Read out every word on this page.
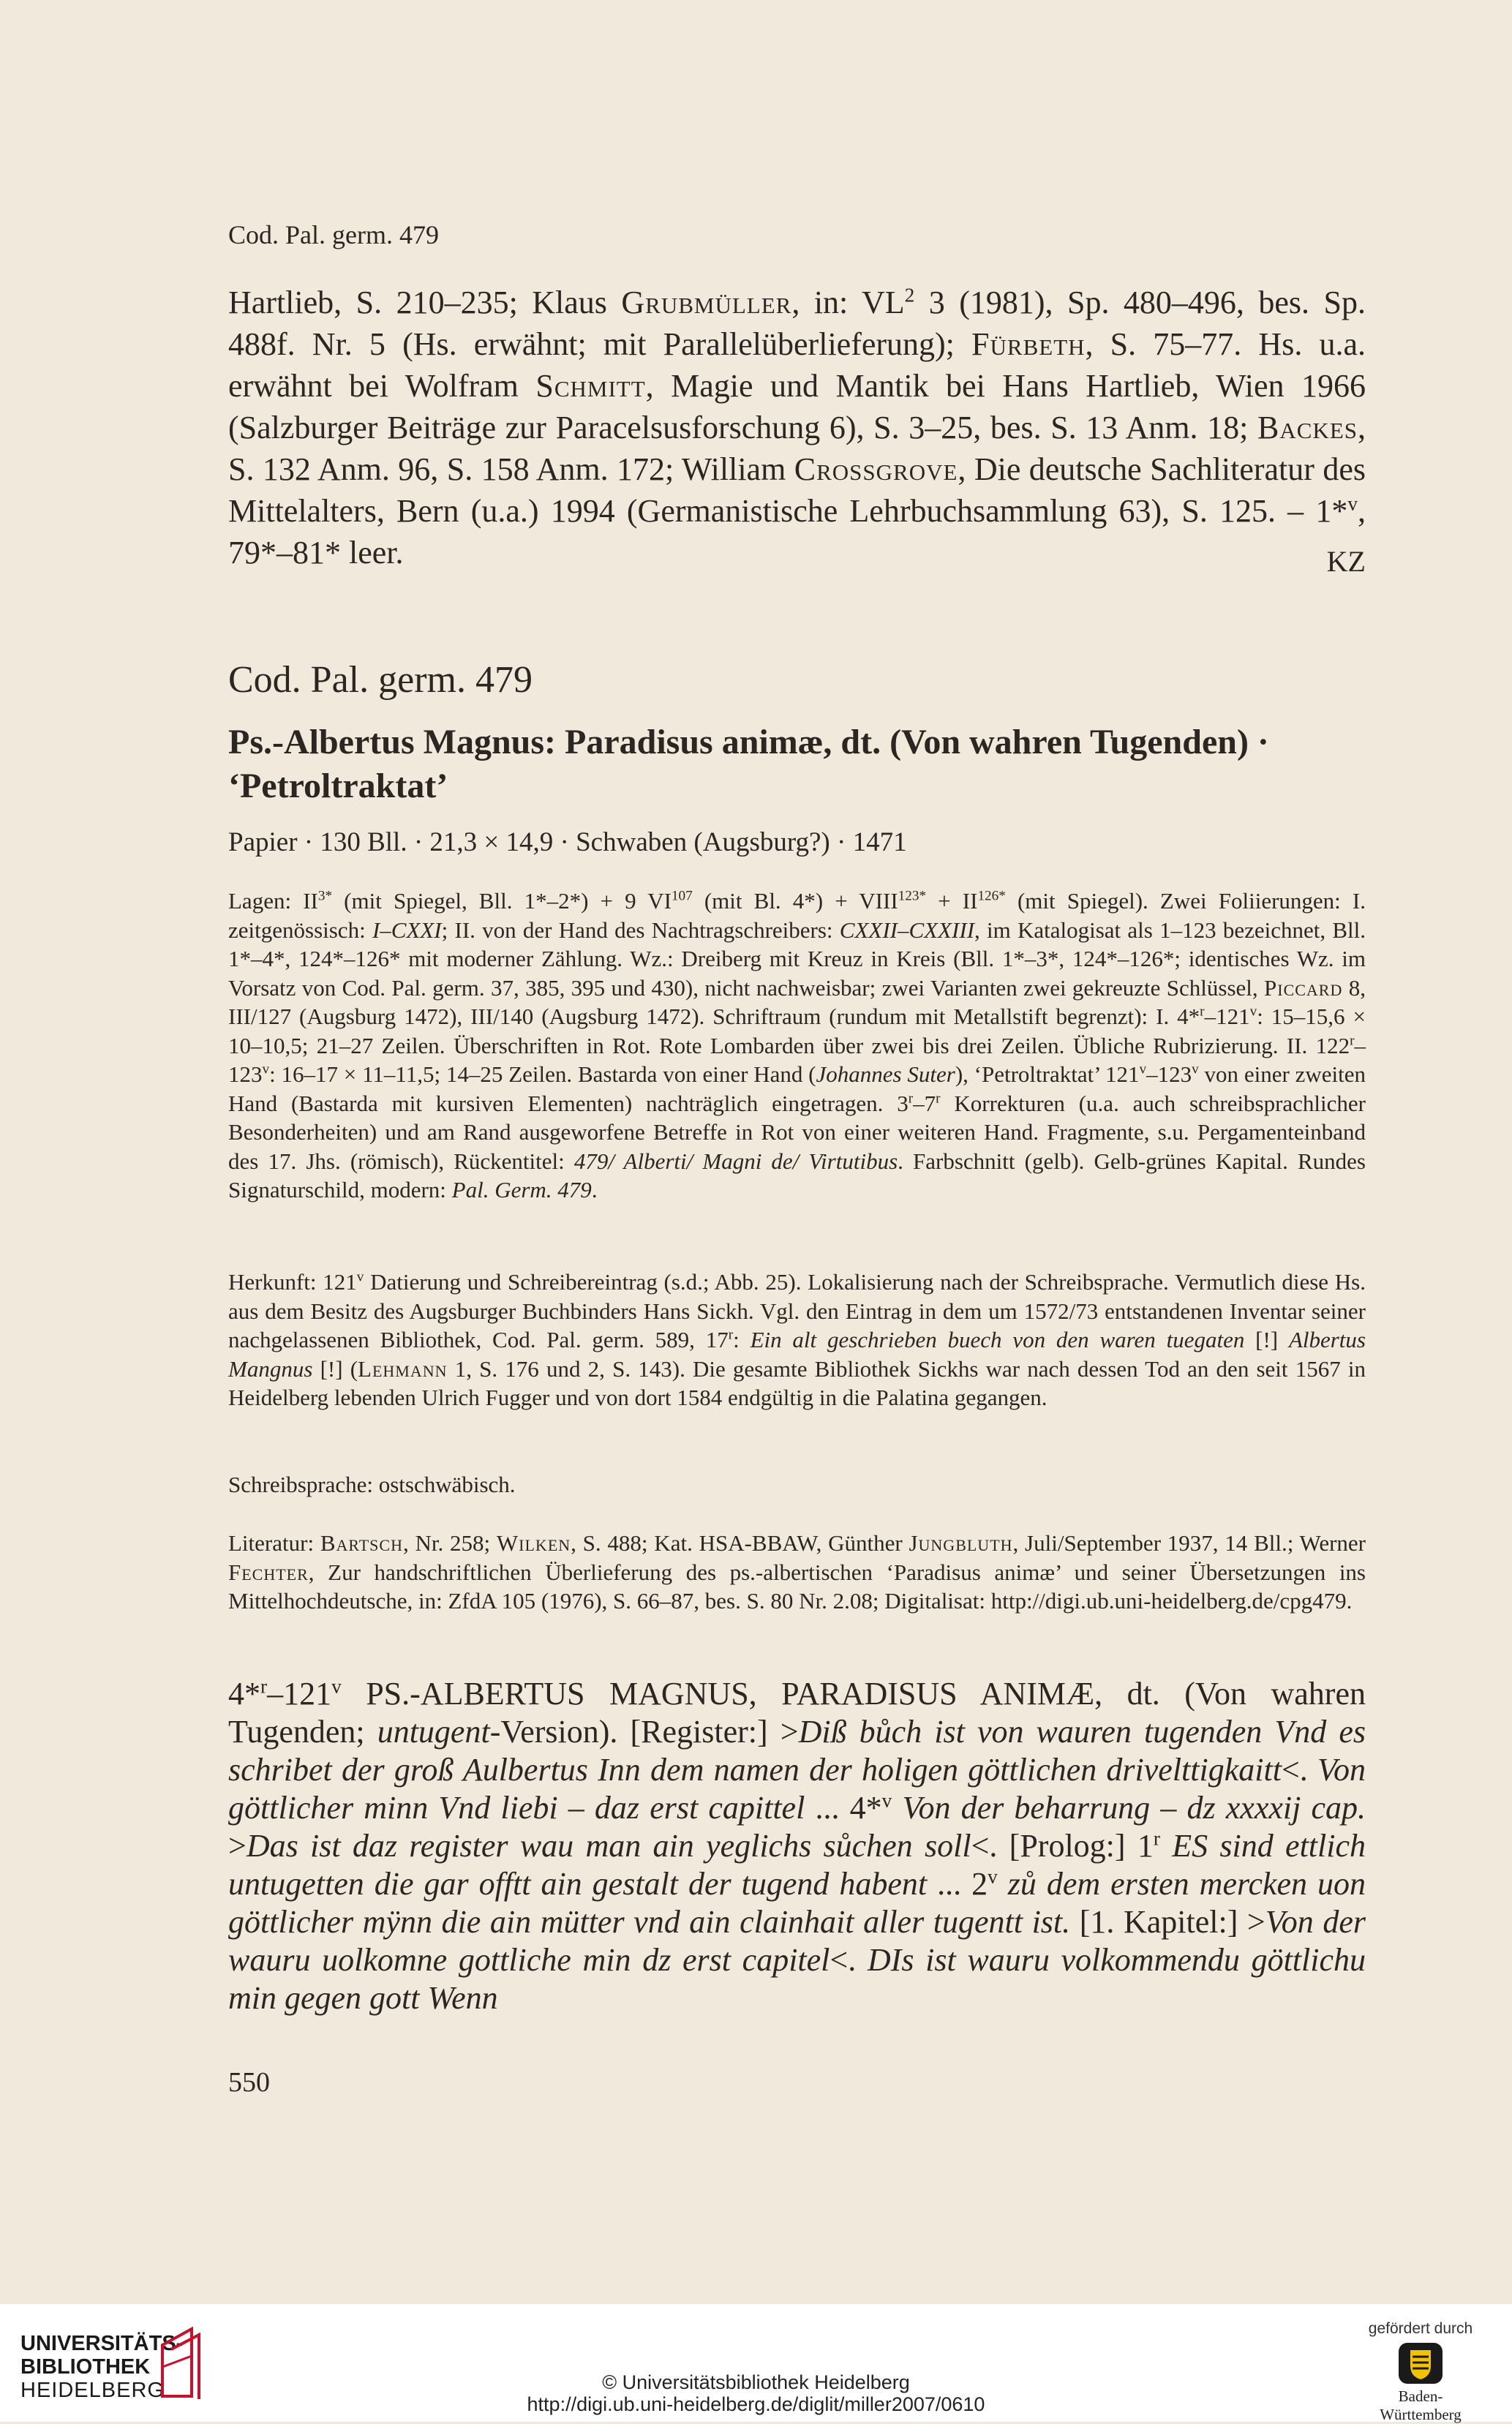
Cod. Pal. germ. 479
Hartlieb, S. 210–235; Klaus Grubmüller, in: $VL^2$ 3 (1981), Sp. 480–496, bes. Sp. 488f. Nr. 5 (Hs. erwähnt; mit Parallelüberlieferung); Fürbeth, S. 75–77. Hs. u.a. erwähnt bei Wolfram Schmitt, Magie und Mantik bei Hans Hartlieb, Wien 1966 (Salzburger Beiträge zur Paracelsusforschung 6), S. 3–25, bes. S. 13 Anm. 18; Backes, S. 132 Anm. 96, S. 158 Anm. 172; William Crossgrove, Die deutsche Sachliteratur des Mittelalters, Bern (u.a.) 1994 (Germanistische Lehrbuchsammlung 63), S. 125. – 1*$^v$, 79*–81* leer.	KZ
Cod. Pal. germ. 479
Ps.-Albertus Magnus: Paradisus animæ, dt. (Von wahren Tugenden) · ‘Petroltraktat’
Papier · 130 Bll. · 21,3 × 14,9 · Schwaben (Augsburg?) · 1471
Lagen: $II^{3*}$ (mit Spiegel, Bll. 1*–2*) + 9 VI$^{107}$ (mit Bl. $4*) + VIII^{123*} + II^{126*}$ (mit Spiegel). Zwei Foliierungen: I. zeitgenössisch: I–CXXI; II. von der Hand des Nachtragschreibers: CXXII–CXXIII, im Katalogisat als 1–123 bezeichnet, Bll. 1*–4*, 124*–126* mit moderner Zählung. Wz.: Dreiberg mit Kreuz in Kreis (Bll. 1*–3*, 124*–126*; identisches Wz. im Vorsatz von Cod. Pal. germ. 37, 385, 395 und 430), nicht nachweisbar; zwei Varianten zwei gekreuzte Schlüssel, Piccard 8, III/127 (Augsburg 1472), III/140 (Augsburg 1472). Schriftraum (rundum mit Metallstift begrenzt): I. 4*$^r$–121$^v$: 15–15,6 × 10–10,5; 21–27 Zeilen. Überschriften in Rot. Rote Lombarden über zwei bis drei Zeilen. Übliche Rubrizierung. II. 122$^r$–123$^v$: 16–17 × 11–11,5; 14–25 Zeilen. Bastarda von einer Hand (Johannes Suter), ‘Petroltraktat’ 121$^v$–123$^v$ von einer zweiten Hand (Bastarda mit kursiven Elementen) nachträglich eingetragen. 3$^r$–7$^r$ Korrekturen (u.a. auch schreibsprachlicher Besonderheiten) und am Rand ausgeworfene Betreffe in Rot von einer weiteren Hand. Fragmente, s.u. Pergamenteinband des 17. Jhs. (römisch), Rückentitel: 479/ Alberti/ Magni de/ Virtutibus. Farbschnitt (gelb). Gelb-grünes Kapital. Rundes Signaturschild, modern: Pal. Germ. 479.
Herkunft: 121$^v$ Datierung und Schreibereintrag (s.d.; Abb. 25). Lokalisierung nach der Schreibsprache. Vermutlich diese Hs. aus dem Besitz des Augsburger Buchbinders Hans Sickh. Vgl. den Eintrag in dem um 1572/73 entstandenen Inventar seiner nachgelassenen Bibliothek, Cod. Pal. germ. 589, 17$^r$: Ein alt geschrieben buech von den waren tuegaten [!] Albertus Mangnus [!] (Lehmann 1, S. 176 und 2, S. 143). Die gesamte Bibliothek Sickhs war nach dessen Tod an den seit 1567 in Heidelberg lebenden Ulrich Fugger und von dort 1584 endgültig in die Palatina gegangen.
Schreibsprache: ostschwäbisch.
Literatur: Bartsch, Nr. 258; Wilken, S. 488; Kat. HSA-BBAW, Günther Jungbluth, Juli/September 1937, 14 Bll.; Werner Fechter, Zur handschriftlichen Überlieferung des ps.-albertischen ‘Paradisus animæ’ und seiner Übersetzungen ins Mittelhochdeutsche, in: ZfdA 105 (1976), S. 66–87, bes. S. 80 Nr. 2.08; Digitalisat: http://digi.ub.uni-heidelberg.de/cpg479.
4*$^r$–121$^v$ PS.-ALBERTUS MAGNUS, PARADISUS ANIMÆ, dt. (Von wahren Tugenden; untugent-Version). [Register:] >Diß bůch ist von wauren tugenden Vnd es schribet der groß Aulbertus Inn dem namen der holigen göttlichen drivelttigkaitt<. Von göttlicher minn Vnd liebi – daz erst capittel ... 4*$^v$ Von der beharrung – dz xxxxij cap. >Das ist daz register wau man ain yeglichs sůchen soll<. [Prolog:] 1$^r$ ES sind ettlich untugetten die gar offtt ain gestalt der tugend habent ... 2$^v$ zů dem ersten mercken uon göttlicher mÿnn die ain mütter vnd ain clainhait aller tugentt ist. [1. Kapitel:] >Von der wauru uolkomne gottliche min dz erst capitel<. DIs ist wauru volkommendu göttlichu min gegen gott Wenn
550
UNIVERSITÄTS-
BIBLIOTHEK
HEIDELBERG	© Universitätsbibliothek Heidelberg
http://digi.ub.uni-heidelberg.de/diglit/miller2007/0610
gefördert durch
Baden-Württemberg
